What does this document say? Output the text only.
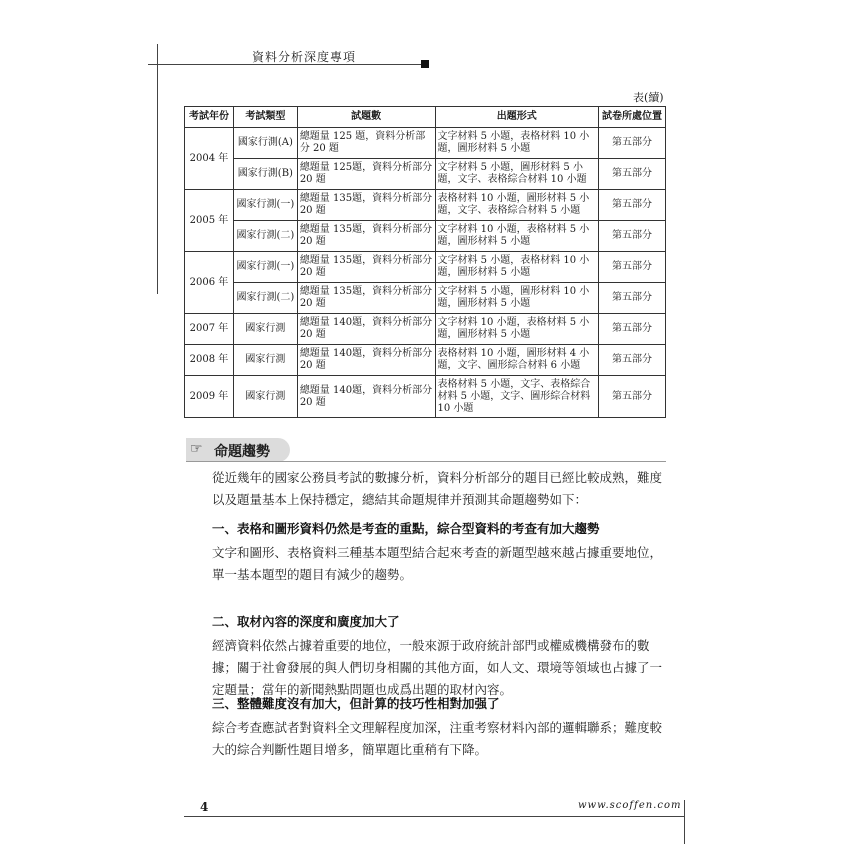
資料分析深度專項
表(續)
考試年份	考試類型	試題數	出題形式	試卷所處位置
2004 年	國家行測(A)	總題量 125 題，資料分析部分 20 題	文字材料 5 小題，表格材料 10 小題，圖形材料 5 小題	第五部分
	國家行測(B)	總題量 125題，資料分析部分 20 題	文字材料 5 小題，圖形材料 5 小題，文字、表格綜合材料 10 小題	第五部分
2005 年	國家行測(一)	總題量 135題，資料分析部分 20 題	表格材料 10 小題，圖形材料 5 小題，文字、表格綜合材料 5 小題	第五部分
	國家行測(二)	總題量 135題，資料分析部分 20 題	文字材料 10 小題，表格材料 5 小題，圖形材料 5 小題	第五部分
2006 年	國家行測(一)	總題量 135題，資料分析部分 20 題	文字材料 5 小題，表格材料 10 小題，圖形材料 5 小題	第五部分
	國家行測(二)	總題量 135題，資料分析部分 20 題	文字材料 5 小題，圖形材料 10 小題，圖形材料 5 小題	第五部分
2007 年	國家行測	總題量 140題，資料分析部分 20 題	文字材料 10 小題，表格材料 5 小題，圖形材料 5 小題	第五部分
2008 年	國家行測	總題量 140題，資料分析部分 20 題	表格材料 10 小題，圖形材料 4 小題，文字、圖形綜合材料 6 小題	第五部分
2009 年	國家行測	總題量 140題，資料分析部分 20 題	表格材料 5 小題，文字、表格綜合材料 5 小題，文字、圖形綜合材料 10 小題	第五部分
☞ 命題趨勢
從近幾年的國家公務員考試的數據分析，資料分析部分的題目已經比較成熟，難度以及題量基本上保持穩定，總結其命題規律并預測其命題趨勢如下：
一、表格和圖形資料仍然是考查的重點，綜合型資料的考查有加大趨勢
文字和圖形、表格資料三種基本題型結合起來考查的新題型越來越占據重要地位，單一基本題型的題目有減少的趨勢。
二、取材內容的深度和廣度加大了
經濟資料依然占據着重要的地位，一般來源于政府統計部門或權威機構發布的數據；關于社會發展的與人們切身相關的其他方面，如人文、環境等領域也占據了一定題量；當年的新聞熱點問題也成爲出題的取材內容。
三、整體難度沒有加大，但計算的技巧性相對加强了
綜合考查應試者對資料全文理解程度加深，注重考察材料內部的邏輯聯系；難度較大的綜合判斷性題目增多，簡單題比重稍有下降。
4	www.scoffen.com
